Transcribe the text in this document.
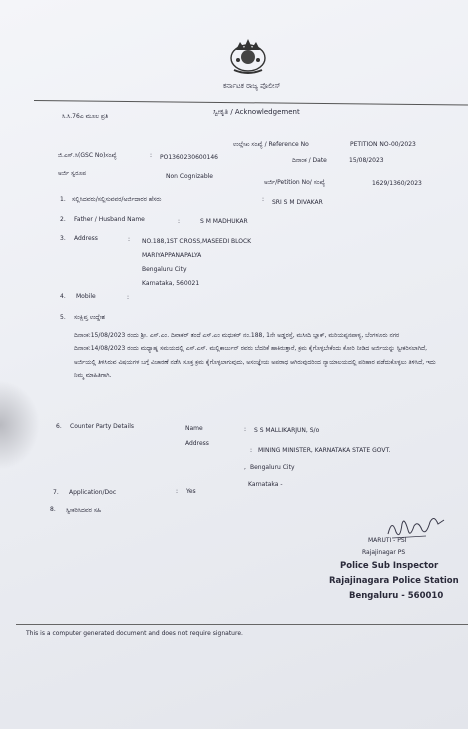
ಕರ್ನಾಟಕ ರಾಜ್ಯ ಪೊಲೀಸ್
ಸ್ವೀಕೃತಿ / Acknowledgement
ಸಿ.ಸಿ.76ಎ ಮೂಲ ಪ್ರತಿ
ಉಲ್ಲೇಖ ಸಂಖ್ಯೆ / Reference No	PETITION NO-00/2023
ಜಿ.ಎಸ್.ಸಿ(GSC No)ಸಂಖ್ಯೆ	: PO1360230600146	ದಿನಾಂಕ / Date	15/08/2023
ಅರ್ಜಿ ಸ್ವರೂಪ	Non Cognizable
ಅರ್ಜಿ/Petition No/ ಸಂಖ್ಯೆ	1629/1360/2023
1. ಸಲ್ಲಿಸಿದವರು/ಸಲ್ಲಿಸುವವರ/ಅರ್ಜಿದಾರರ ಹೆಸರು	: SRI S M DIVAKAR
2. Father / Husband Name	:	S M MADHUKAR
3. Address	: NO.188,1ST CROSS,MASEEDI BLOCK
MARIYAPPANAPALYA
Bengaluru City
Karnataka, 560021
4. Mobile	:
5. ಸಂಕ್ಷಿಪ್ತ ಉದ್ದೇಶ
ದಿನಾಂಕ:15/08/2023 ರಂದು ಶ್ರೀ. ಎಸ್.ಎಂ. ದಿವಾಕರ್ ತಂದೆ ಎಸ್.ಎಂ ಮಧುಕರ್ ನಂ.188, 1ನೇ ಅಡ್ಡರಸ್ತೆ, ಮಸೀದಿ ಬ್ಲಾಕ್, ಮರಿಯಪ್ಪನಪಾಳ್ಯ, ಬೆಂಗಳೂರು ನಗರ ದಿನಾಂಕ:14/08/2023 ರಂದು ಮಧ್ಯಾಹ್ನ ಸಮಯದಲ್ಲಿ ಎಸ್.ಎಸ್. ಮಲ್ಲಿಕಾರ್ಜುನ್ ರವರು ಬೆದರಿಕೆ ಹಾಕಿರುತ್ತಾರೆ, ಕ್ರಮ ಕೈಗೊಳ್ಳಬೇಕೆಂದು ಕೋರಿ ನೀಡಿದ ಅರ್ಜಿಯನ್ನು ಸ್ವೀಕರಿಸಲಾಗಿದೆ, ಅರ್ಜಿಯಲ್ಲಿ ತಿಳಿಸಿರುವ ವಿಷಯಗಳ ಬಗ್ಗೆ ವಿಚಾರಣೆ ನಡೆಸಿ ಸೂಕ್ತ ಕ್ರಮ ಕೈಗೊಳ್ಳಲಾಗುವುದು, ಅಸಂಜ್ಞೇಯ ಅಪರಾಧ ಆಗಿರುವುದರಿಂದ ನ್ಯಾಯಾಲಯದಲ್ಲಿ ಪರಿಹಾರ ಪಡೆದುಕೊಳ್ಳಲು ತಿಳಿಸಿದೆ, ಇದು ನಿಮ್ಮ ಮಾಹಿತಿಗಾಗಿ.
6. Counter Party Details	Name	: S S MALLIKARJUN, S/o
Address
: MINING MINISTER, KARNATAKA STATE GOVT.
, Bengaluru City
Karnataka -
7. Application/Doc	: Yes
8. ಸ್ವೀಕರಿಸಿದವರ ಸಹಿ
MARUTI - PSI
Rajajinagar PS
Police Sub Inspector
Rajajinagara Police Station
Bengaluru - 560010
This is a computer generated document and does not require signature.
